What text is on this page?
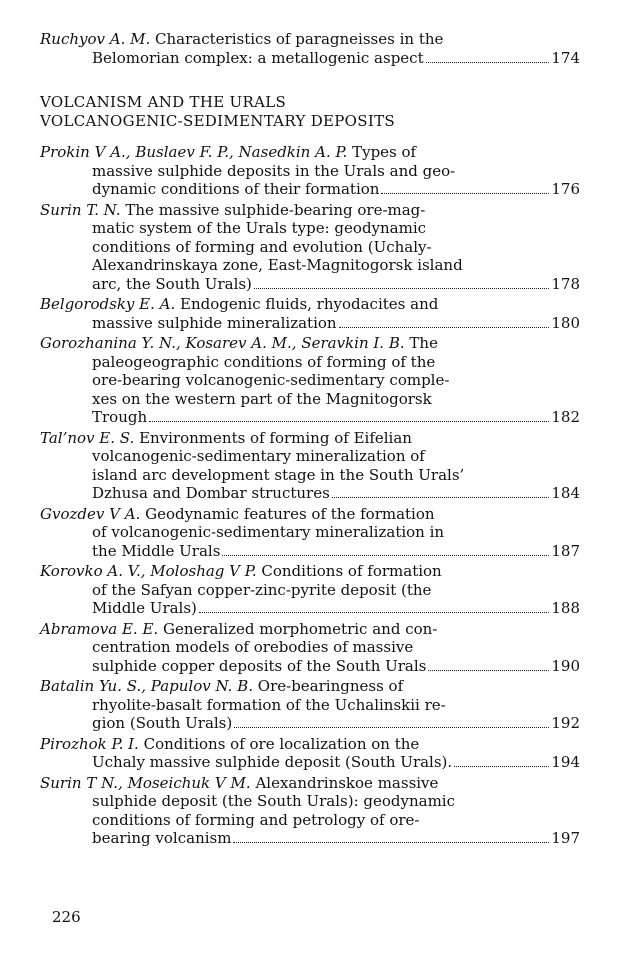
Ruchyov A. M. Characteristics of paragneisses in the

Belomorian complex: a metallogenic aspect	174

VOLCANISM AND THE URALS

VOLCANOGENIC-SEDIMENTARY DEPOSITS

Prokin V A., Buslaev F. P., Nasedkin A. P. Types of

massive sulphide deposits in the Urals and geo-

dynamic conditions of their formation	176

Surin T. N. The massive sulphide-bearing ore-mag-

matic system of the Urals type: geodynamic

conditions of forming and evolution (Uchaly-

Alexandrinskaya zone, East-Magnitogorsk island

arc, the South Urals)	178

Belgorodsky E. A. Endogenic fluids, rhyodacites and

massive sulphide mineralization	180

Gorozhanina Y. N., Kosarev A. M., Seravkin I. B. The

paleogeographic conditions of forming of the

ore-bearing volcanogenic-sedimentary comple-

xes on the western part of the Magnitogorsk

Trough	182

Tal’nov E. S. Environments of forming of Eifelian

volcanogenic-sedimentary mineralization of

island arc development stage in the South Urals’

Dzhusa and Dombar structures	184

Gvozdev V A. Geodynamic features of the formation

of volcanogenic-sedimentary mineralization in

the Middle Urals	187

Korovko A. V., Moloshag V P. Conditions of formation

of the Safyan copper-zinc-pyrite deposit (the

Middle Urals)	188

Abramova E. E. Generalized morphometric and con-

centration models of orebodies of massive

sulphide copper deposits of the South Urals	190

Batalin Yu. S., Papulov N. B. Ore-bearingness of

rhyolite-basalt formation of the Uchalinskii re-

gion (South Urals)	192

Pirozhok P. I. Conditions of ore localization on the

Uchaly massive sulphide deposit (South Urals).	194

Surin T N., Moseichuk V M. Alexandrinskoe massive

sulphide deposit (the South Urals): geodynamic

conditions of forming and petrology of ore-

bearing volcanism	197
226
